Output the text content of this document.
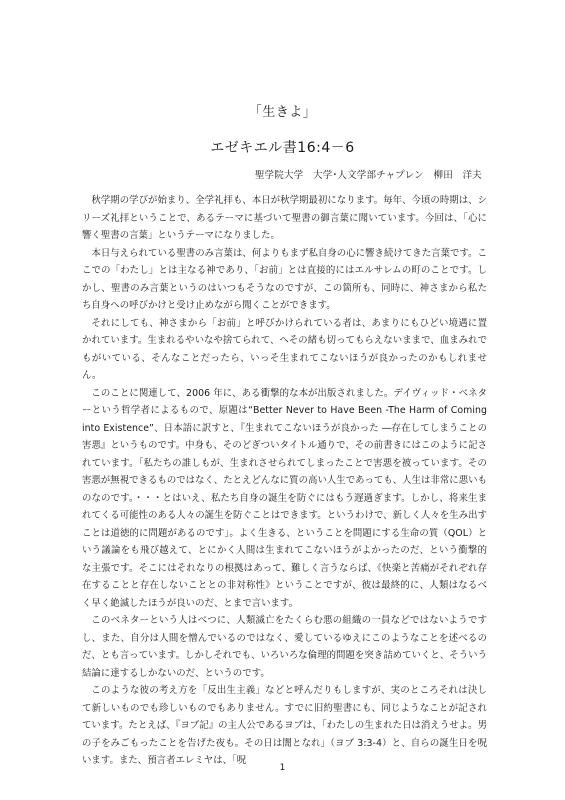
「生きよ」
エゼキエル書16:4－6
聖学院大学　大学･人文学部チャプレン　柳田　洋夫

秋学期の学びが始まり、全学礼拝も、本日が秋学期最初になります。毎年、今頃の時期は、シリーズ礼拝ということで、あるテーマに基づいて聖書の御言葉に聞いています。今回は、「心に響く聖書の言葉」というテーマになりました。

本日与えられている聖書のみ言葉は、何よりもまず私自身の心に響き続けてきた言葉です。ここでの「わたし」とは主なる神であり、「お前」とは直接的にはエルサレムの町のことです。しかし、聖書のみ言葉というのはいつもそうなのですが、この箇所も、同時に、神さまから私たち自身への呼びかけと受け止めながら聞くことができます。

それにしても、神さまから「お前」と呼びかけられている者は、あまりにもひどい境遇に置かれています。生まれるやいなや捨てられて、へその緒も切ってもらえないままで、血まみれでもがいている、そんなことだったら、いっそ生まれてこないほうが良かったのかもしれません。

このことに関連して、2006 年に、ある衝撃的な本が出版されました。デイヴィッド・ベネターという哲学者によるもので、原題は“Better Never to Have Been -The Harm of Coming into Existence”、日本語に訳すと、『生まれてこないほうが良かった ―存在してしまうことの害悪』というものです。中身も、そのどぎついタイトル通りで、その前書きにはこのように記されています。「私たちの誰しもが、生まれさせられてしまったことで害悪を被っています。その害悪が無視できるものではなく、たとえどんなに質の高い人生であっても、人生は非常に悪いものなのです。・・・とはいえ、私たち自身の誕生を防ぐにはもう遅過ぎます。しかし、将来生まれてくる可能性のある人々の誕生を防ぐことはできます。というわけで、新しく人々を生み出すことは道徳的に問題があるのです」。よく生きる、ということを問題にする生命の質（QOL）という議論をも飛び越えて、とにかく人間は生まれてこないほうがよかったのだ、という衝撃的な主張です。そこにはそれなりの根拠はあって、難しく言うならば、《快楽と苦痛がそれぞれ存在することと存在しないこととの非対称性》ということですが、彼は最終的に、人類はなるべく早く絶滅したほうが良いのだ、とまで言います。

このベネターという人はべつに、人類滅亡をたくらむ悪の組織の一員などではないようですし、また、自分は人間を憎んでいるのではなく、愛しているゆえにこのようなことを述べるのだ、とも言っています。しかしそれでも、いろいろな倫理的問題を突き詰めていくと、そういう結論に達するしかないのだ、というのです。

このような彼の考え方を「反出生主義」などと呼んだりもしますが、実のところそれは決して新しいものでも珍しいものでもありません。すでに旧約聖書にも、同じようなことが記されています。たとえば、『ヨブ記』の主人公であるヨブは、「わたしの生まれた日は消えうせよ。男の子をみごもったことを告げた夜も。その日は闇となれ」（ヨブ 3:3-4）と、自らの誕生日を呪います。また、預言者エレミヤは、「呪

1
